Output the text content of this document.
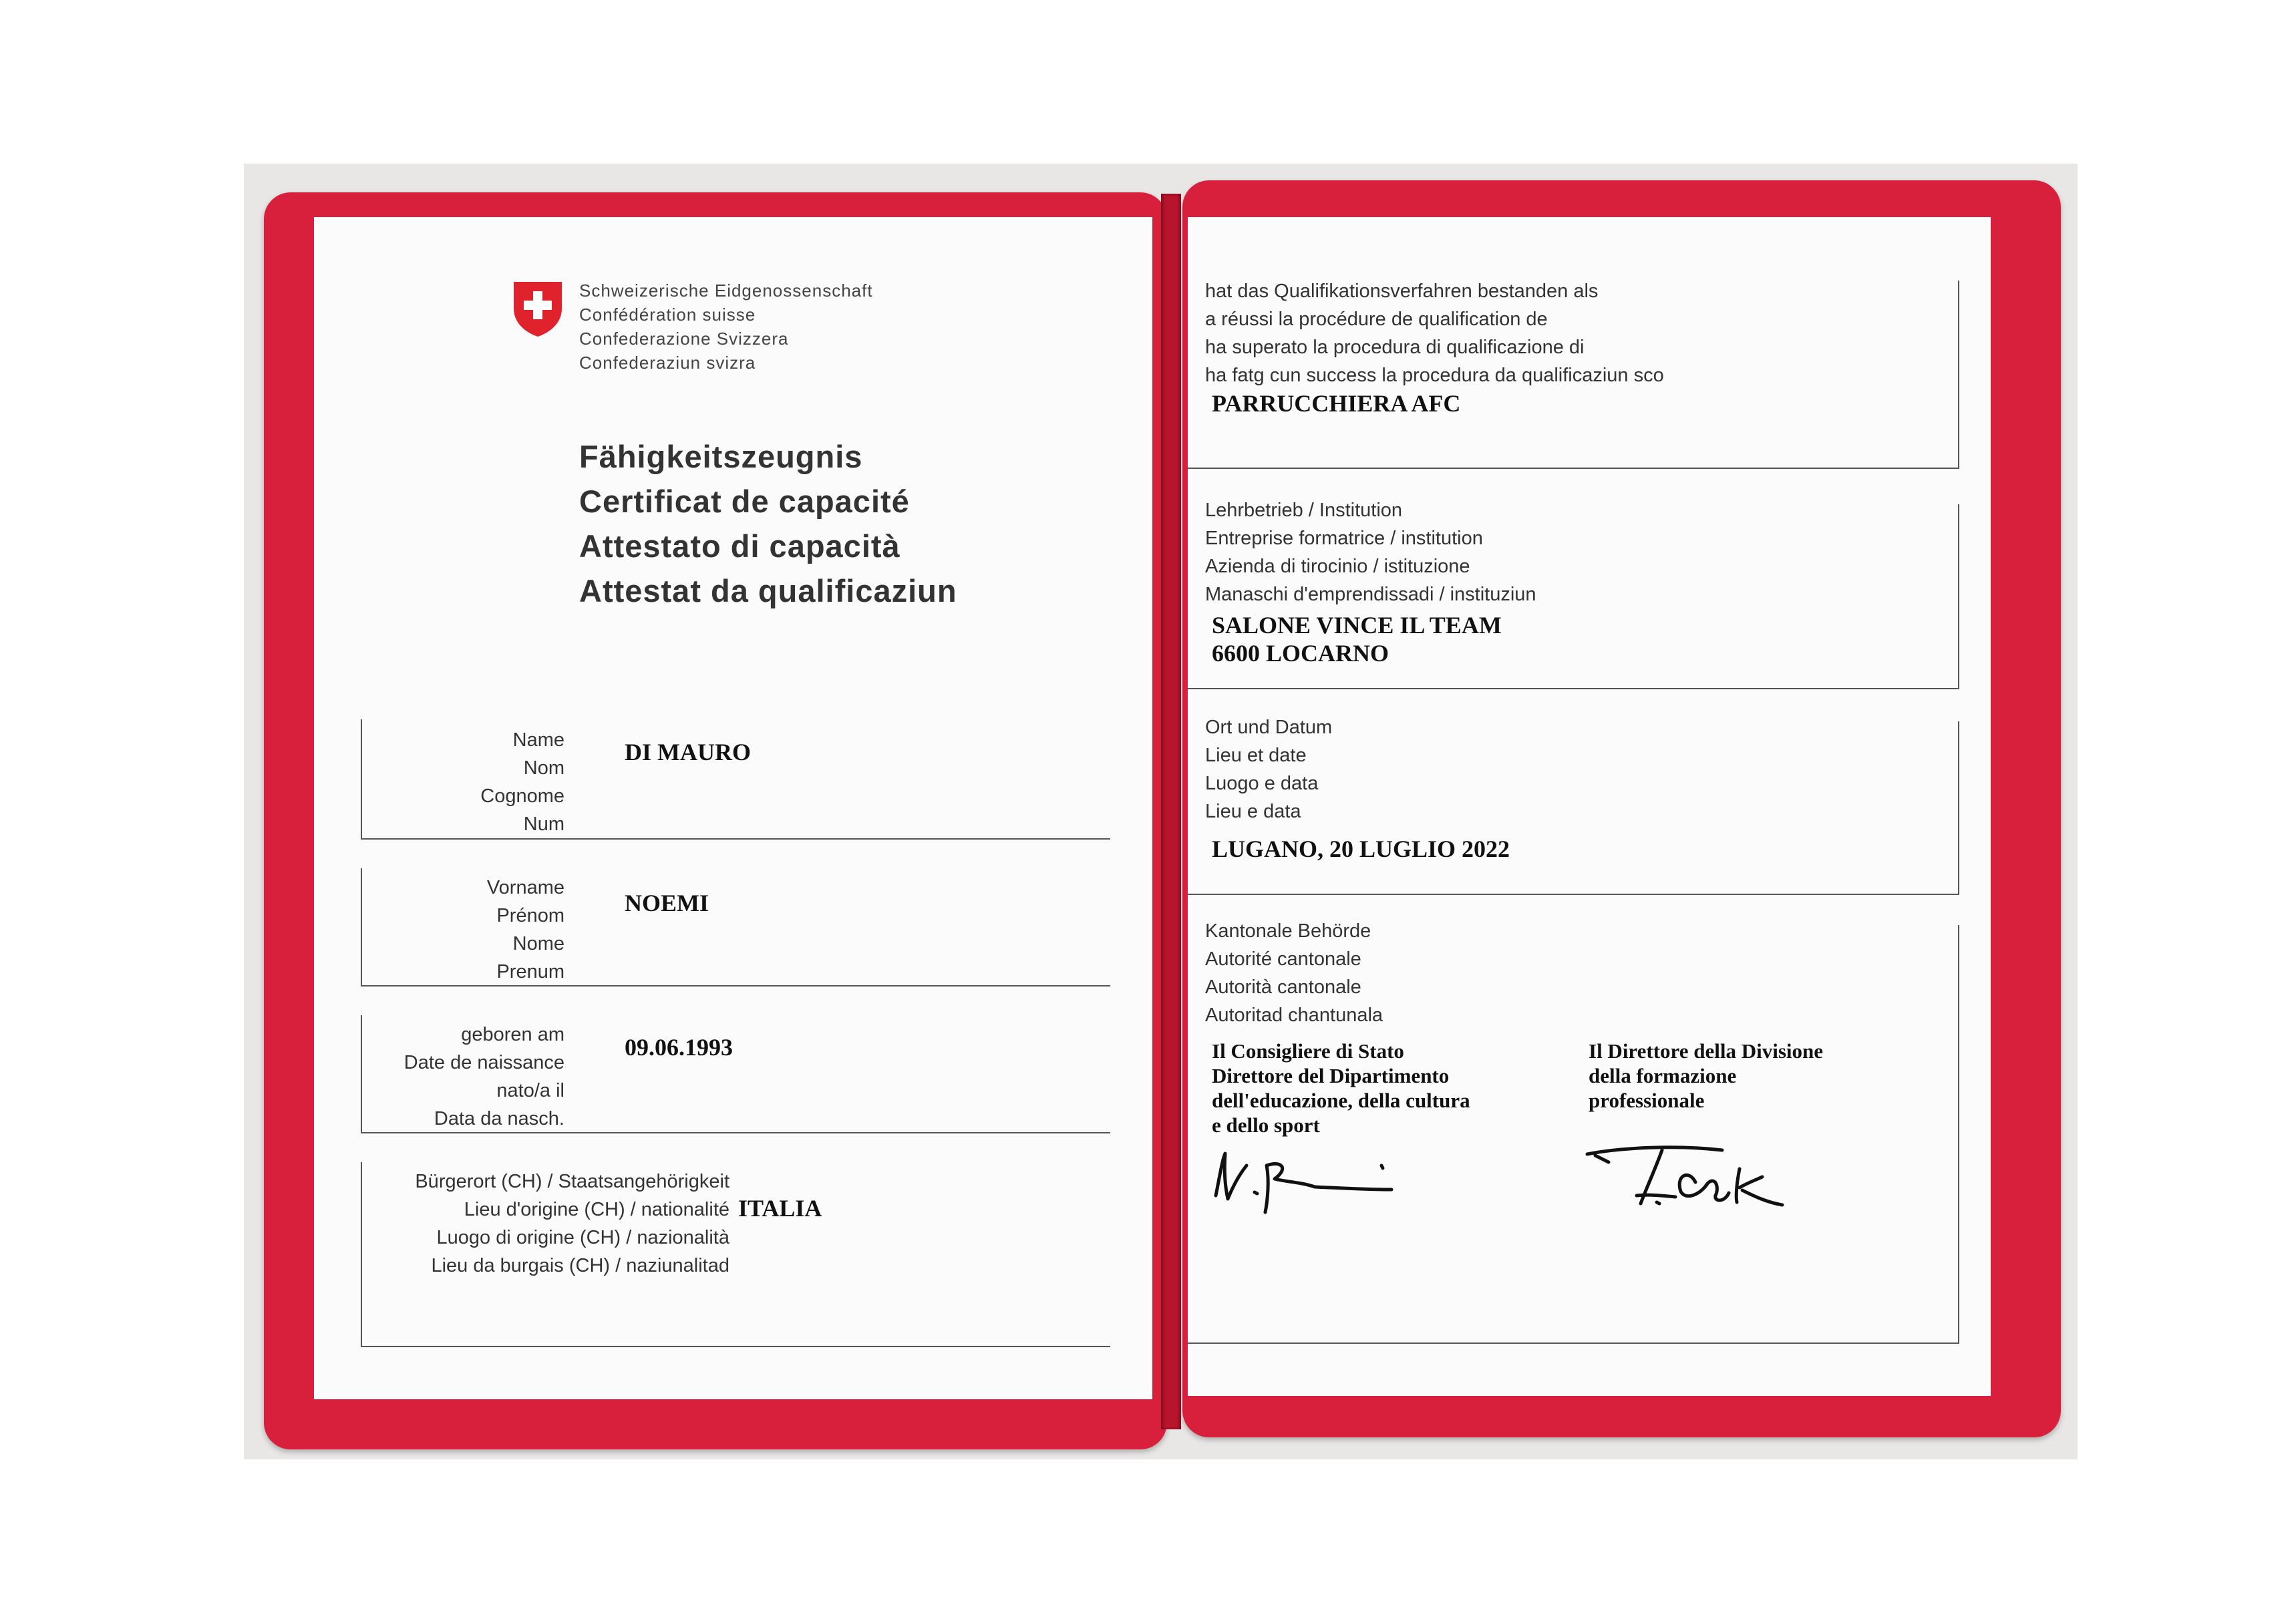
Schweizerische Eidgenossenschaft
Confédération suisse
Confederazione Svizzera
Confederaziun svizra
Fähigkeitszeugnis
Certificat de capacité
Attestato di capacità
Attestat da qualificaziun
Name
Nom
Cognome
Num
DI MAURO
Vorname
Prénom
Nome
Prenum
NOEMI
geboren am
Date de naissance
nato/a il
Data da nasch.
09.06.1993
Bürgerort (CH) / Staatsangehörigkeit
Lieu d'origine (CH) / nationalité
Luogo di origine (CH) / nazionalità
Lieu da burgais (CH) / naziunalitad
ITALIA
hat das Qualifikationsverfahren bestanden als
a réussi la procédure de qualification de
ha superato la procedura di qualificazione di
ha fatg cun success la procedura da qualificaziun sco
PARRUCCHIERA AFC
Lehrbetrieb / Institution
Entreprise formatrice / institution
Azienda di tirocinio / istituzione
Manaschi d'emprendissadi / instituziun
SALONE VINCE IL TEAM
6600 LOCARNO
Ort und Datum
Lieu et date
Luogo e data
Lieu e data
LUGANO, 20 LUGLIO 2022
Kantonale Behörde
Autorité cantonale
Autorità cantonale
Autoritad chantunala
Il Consigliere di Stato
Direttore del Dipartimento
dell'educazione, della cultura
e dello sport
Il Direttore della Divisione
della formazione
professionale
